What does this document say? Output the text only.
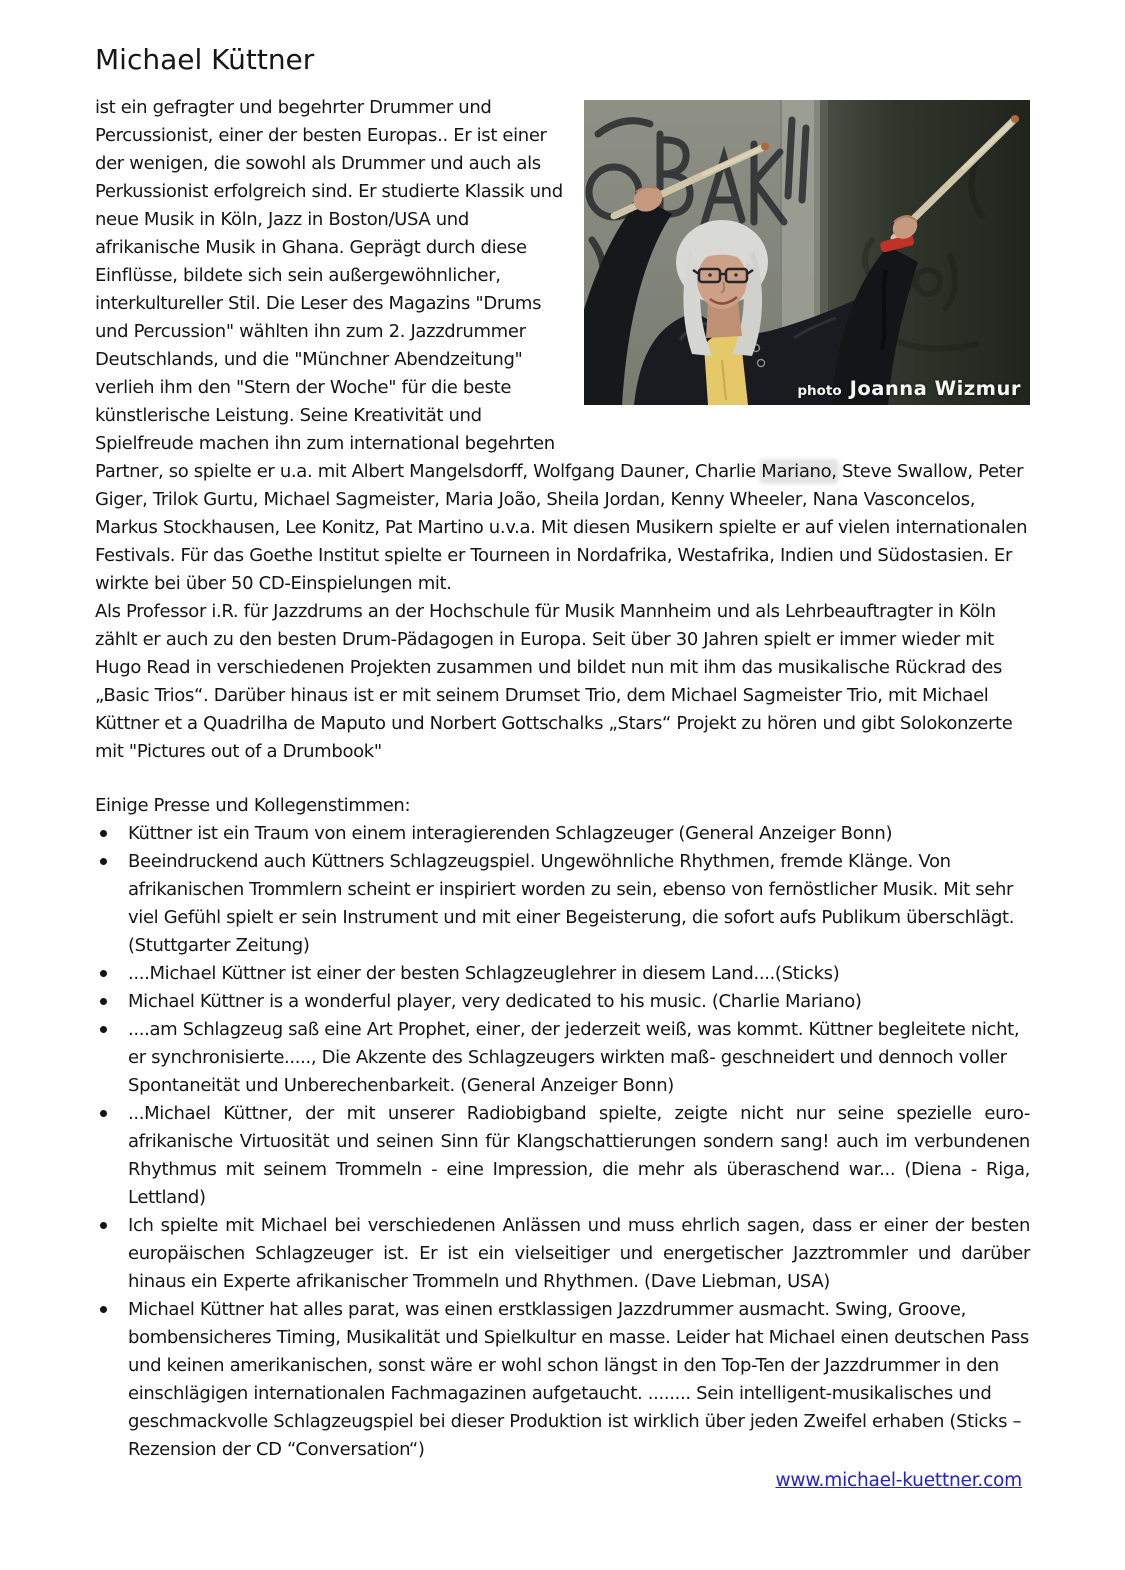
Michael Küttner
photo Joanna Wizmur

ist ein gefragter und begehrter Drummer und Percussionist, einer der besten Europas.. Er ist einer der wenigen, die sowohl als Drummer und auch als Perkussionist erfolgreich sind. Er studierte Klassik und neue Musik in Köln, Jazz in Boston/USA und afrikanische Musik in Ghana. Geprägt durch diese Einflüsse, bildete sich sein außergewöhnlicher, interkultureller Stil. Die Leser des Magazins "Drums und Percussion" wählten ihn zum 2. Jazzdrummer Deutschlands, und die "Münchner Abendzeitung" verlieh ihm den "Stern der Woche" für die beste künstlerische Leistung. Seine Kreativität und Spielfreude machen ihn zum international begehrten Partner, so spielte er u.a. mit Albert Mangelsdorff, Wolfgang Dauner, Charlie Mariano, Steve Swallow, Peter Giger, Trilok Gurtu, Michael Sagmeister, Maria João, Sheila Jordan, Kenny Wheeler, Nana Vasconcelos, Markus Stockhausen, Lee Konitz, Pat Martino u.v.a. Mit diesen Musikern spielte er auf vielen internationalen Festivals. Für das Goethe Institut spielte er Tourneen in Nordafrika, Westafrika, Indien und Südostasien. Er wirkte bei über 50 CD-Einspielungen mit.

Als Professor i.R. für Jazzdrums an der Hochschule für Musik Mannheim und als Lehrbeauftragter in Köln zählt er auch zu den besten Drum-Pädagogen in Europa. Seit über 30 Jahren spielt er immer wieder mit Hugo Read in verschiedenen Projekten zusammen und bildet nun mit ihm das musikalische Rückrad des „Basic Trios“. Darüber hinaus ist er mit seinem Drumset Trio, dem Michael Sagmeister Trio, mit Michael Küttner et a Quadrilha de Maputo und Norbert Gottschalks „Stars“ Projekt zu hören und gibt Solokonzerte mit "Pictures out of a Drumbook"

Einige Presse und Kollegenstimmen:

Küttner ist ein Traum von einem interagierenden Schlagzeuger (General Anzeiger Bonn)
Beeindruckend auch Küttners Schlagzeugspiel. Ungewöhnliche Rhythmen, fremde Klänge. Von afrikanischen Trommlern scheint er inspiriert worden zu sein, ebenso von fernöstlicher Musik. Mit sehr viel Gefühl spielt er sein Instrument und mit einer Begeisterung, die sofort aufs Publikum überschlägt. (Stuttgarter Zeitung)
....Michael Küttner ist einer der besten Schlagzeuglehrer in diesem Land....(Sticks)
Michael Küttner is a wonderful player, very dedicated to his music. (Charlie Mariano)
....am Schlagzeug saß eine Art Prophet, einer, der jederzeit weiß, was kommt. Küttner begleitete nicht, er synchronisierte....., Die Akzente des Schlagzeugers wirkten maß- geschneidert und dennoch voller Spontaneität und Unberechenbarkeit. (General Anzeiger Bonn)
...Michael Küttner, der mit unserer Radiobigband spielte, zeigte nicht nur seine spezielle euro-afrikanische Virtuosität und seinen Sinn für Klangschattierungen sondern sang! auch im verbundenen Rhythmus mit seinem Trommeln - eine Impression, die mehr als überaschend war... (Diena - Riga, Lettland)
Ich spielte mit Michael bei verschiedenen Anlässen und muss ehrlich sagen, dass er einer der besten europäischen Schlagzeuger ist. Er ist ein vielseitiger und energetischer Jazztrommler und darüber hinaus ein Experte afrikanischer Trommeln und Rhythmen. (Dave Liebman, USA)
Michael Küttner hat alles parat, was einen erstklassigen Jazzdrummer ausmacht. Swing, Groove, bombensicheres Timing, Musikalität und Spielkultur en masse. Leider hat Michael einen deutschen Pass und keinen amerikanischen, sonst wäre er wohl schon längst in den Top-Ten der Jazzdrummer in den einschlägigen internationalen Fachmagazinen aufgetaucht. ........ Sein intelligent-musikalisches und geschmackvolle Schlagzeugspiel bei dieser Produktion ist wirklich über jeden Zweifel erhaben (Sticks – Rezension der CD “Conversation“)
www.michael-kuettner.com
